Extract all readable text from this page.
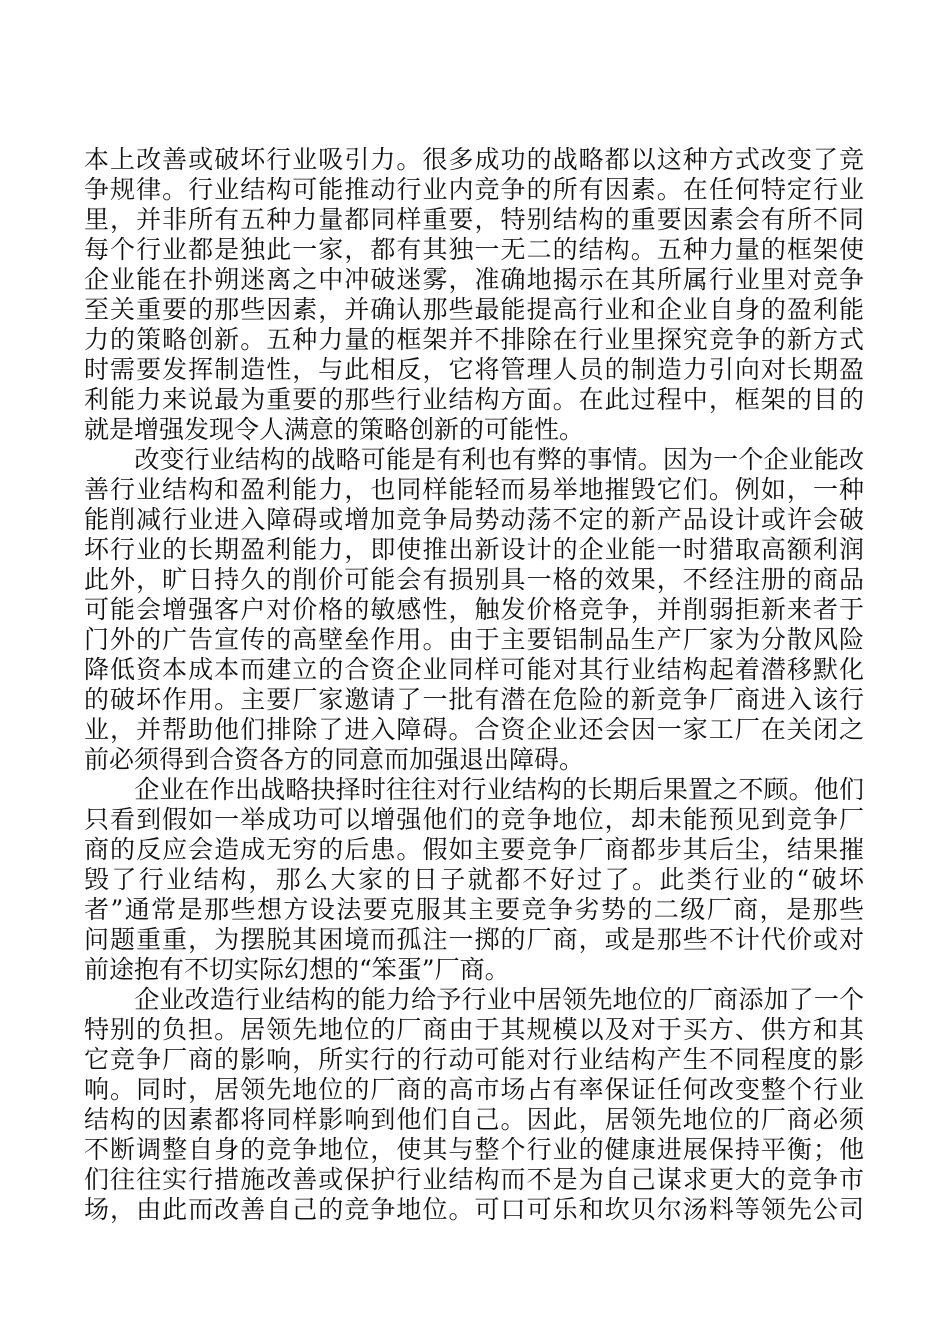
本上改善或破坏行业吸引力。很多成功的战略都以这种方式改变了竞
争规律。行业结构可能推动行业内竞争的所有因素。在任何特定行业
里，并非所有五种力量都同样重要，特别结构的重要因素会有所不同
每个行业都是独此一家，都有其独一无二的结构。五种力量的框架使
企业能在扑朔迷离之中冲破迷雾，准确地揭示在其所属行业里对竞争
至关重要的那些因素，并确认那些最能提高行业和企业自身的盈利能
力的策略创新。五种力量的框架并不排除在行业里探究竞争的新方式
时需要发挥制造性，与此相反，它将管理人员的制造力引向对长期盈
利能力来说最为重要的那些行业结构方面。在此过程中，框架的目的
就是增强发现令人满意的策略创新的可能性。
　　改变行业结构的战略可能是有利也有弊的事情。因为一个企业能改
善行业结构和盈利能力，也同样能轻而易举地摧毁它们。例如，一种
能削减行业进入障碍或增加竞争局势动荡不定的新产品设计或许会破
坏行业的长期盈利能力，即使推出新设计的企业能一时猎取高额利润
此外，旷日持久的削价可能会有损别具一格的效果，不经注册的商品
可能会增强客户对价格的敏感性，触发价格竞争，并削弱拒新来者于
门外的广告宣传的高壁垒作用。由于主要铝制品生产厂家为分散风险
降低资本成本而建立的合资企业同样可能对其行业结构起着潜移默化
的破坏作用。主要厂家邀请了一批有潜在危险的新竞争厂商进入该行
业，并帮助他们排除了进入障碍。合资企业还会因一家工厂在关闭之
前必须得到合资各方的同意而加强退出障碍。
　　企业在作出战略抉择时往往对行业结构的长期后果置之不顾。他们
只看到假如一举成功可以增强他们的竞争地位，却未能预见到竞争厂
商的反应会造成无穷的后患。假如主要竞争厂商都步其后尘，结果摧
毁了行业结构，那么大家的日子就都不好过了。此类行业的“破坏
者”通常是那些想方设法要克服其主要竞争劣势的二级厂商，是那些
问题重重，为摆脱其困境而孤注一掷的厂商，或是那些不计代价或对
前途抱有不切实际幻想的“笨蛋”厂商。
　　企业改造行业结构的能力给予行业中居领先地位的厂商添加了一个
特别的负担。居领先地位的厂商由于其规模以及对于买方、供方和其
它竞争厂商的影响，所实行的行动可能对行业结构产生不同程度的影
响。同时，居领先地位的厂商的高市场占有率保证任何改变整个行业
结构的因素都将同样影响到他们自己。因此，居领先地位的厂商必须
不断调整自身的竞争地位，使其与整个行业的健康进展保持平衡；他
们往往实行措施改善或保护行业结构而不是为自己谋求更大的竞争市
场，由此而改善自己的竞争地位。可口可乐和坎贝尔汤料等领先公司
